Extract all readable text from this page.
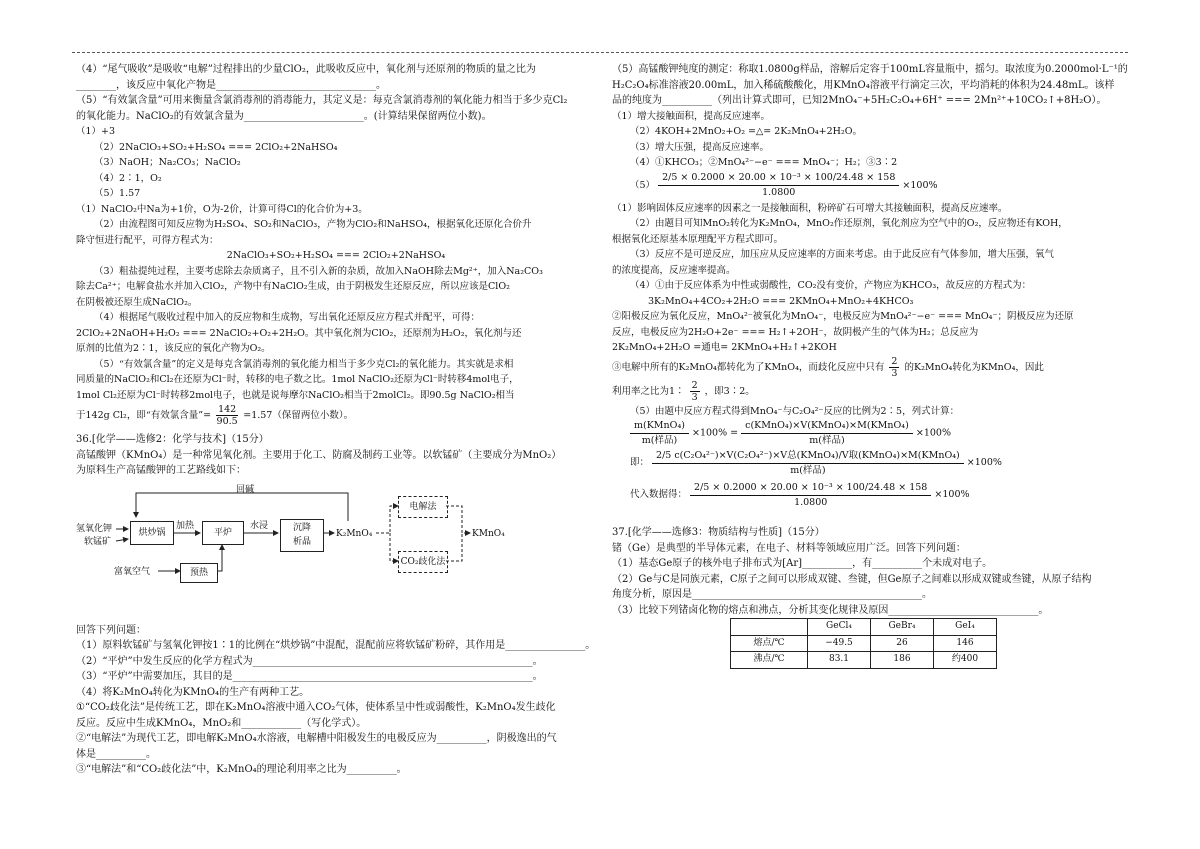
（4）“尾气吸收”是吸收“电解”过程排出的少量ClO₂，此吸收反应中，氧化剂与还原剂的物质的量之比为
________，该反应中氧化产物是________________________________。
（5）“有效氯含量”可用来衡量含氯消毒剂的消毒能力，其定义是：每克含氯消毒剂的氧化能力相当于多少克Cl₂
的氧化能力。NaClO₂的有效氯含量为________________________。(计算结果保留两位小数)。
（1）+3
（2）2NaClO₃+SO₂+H₂SO₄ === 2ClO₂+2NaHSO₄
（3）NaOH；Na₂CO₃；NaClO₂
（4）2∶1，O₂
（5）1.57
（1）NaClO₂中Na为+1价，O为-2价，计算可得Cl的化合价为+3。
（2）由流程图可知反应物为H₂SO₄、SO₂和NaClO₃，产物为ClO₂和NaHSO₄，根据氧化还原化合价升
降守恒进行配平，可得方程式为：
2NaClO₃+SO₂+H₂SO₄ === 2ClO₂+2NaHSO₄
（3）粗盐提纯过程，主要考虑除去杂质离子，且不引入新的杂质，故加入NaOH除去Mg²⁺，加入Na₂CO₃
除去Ca²⁺；电解食盐水并加入ClO₂，产物中有NaClO₂生成，由于阴极发生还原反应，所以应该是ClO₂
在阴极被还原生成NaClO₂。
（4）根据尾气吸收过程中加入的反应物和生成物，写出氧化还原反应方程式并配平，可得：
2ClO₂+2NaOH+H₂O₂ === 2NaClO₂+O₂+2H₂O。其中氧化剂为ClO₂，还原剂为H₂O₂，氧化剂与还
原剂的比值为2∶1，该反应的氧化产物为O₂。
（5）“有效氯含量”的定义是每克含氯消毒剂的氧化能力相当于多少克Cl₂的氧化能力。其实就是求相
同质量的NaClO₂和Cl₂在还原为Cl⁻时，转移的电子数之比。1mol NaClO₂还原为Cl⁻时转移4mol电子，
1mol Cl₂还原为Cl⁻时转移2mol电子，也就是说每摩尔NaClO₂相当于2molCl₂。即90.5g NaClO₂相当
于142g Cl₂，即“有效氯含量”= $\frac{142}{90.5} =1.57$（保留两位小数）。
36.[化学——选修2：化学与技术]（15分）
高锰酸钾（KMnO₄）是一种常见氧化剂。主要用于化工、防腐及制药工业等。以软锰矿（主要成分为MnO₂）
为原料生产高锰酸钾的工艺路线如下：
回碱
氢氧化钾
软锰矿
烘炒锅
加热
平炉
水浸	沉降
析晶
K₂MnO₄
电解法
CO₂歧化法
KMnO₄
富氧空气	预热
回答下列问题：
（1）原料软锰矿与氢氧化钾按1∶1的比例在“烘炒锅”中混配，混配前应将软锰矿粉碎，其作用是________________。
（2）“平炉”中发生反应的化学方程式为________________________________________________________。
（3）“平炉”中需要加压，其目的是____________________________________________________________。
（4）将K₂MnO₄转化为KMnO₄的生产有两种工艺。
①“CO₂歧化法”是传统工艺，即在K₂MnO₄溶液中通入CO₂气体，使体系呈中性或弱酸性，K₂MnO₄发生歧化
反应。反应中生成KMnO₄，MnO₂和____________（写化学式）。
②“电解法”为现代工艺，即电解K₂MnO₄水溶液，电解槽中阳极发生的电极反应为__________，阴极逸出的气
体是__________。
③“电解法”和“CO₂歧化法”中，K₂MnO₄的理论利用率之比为__________。
（5）高锰酸钾纯度的测定：称取1.0800g样品，溶解后定容于100mL容量瓶中，摇匀。取浓度为0.2000mol·L⁻¹的
H₂C₂O₄标准溶液20.00mL，加入稀硫酸酸化，用KMnO₄溶液平行滴定三次，平均消耗的体积为24.48mL。该样
品的纯度为__________（列出计算式即可，已知2MnO₄⁻+5H₂C₂O₄+6H⁺ === 2Mn²⁺+10CO₂↑+8H₂O）。
（1）增大接触面积，提高反应速率。
（2）4KOH+2MnO₂+O₂ =△= 2K₂MnO₄+2H₂O。
（3）增大压强，提高反应速率。
（4）①KHCO₃；②MnO₄²⁻−e⁻ === MnO₄⁻；H₂；③3∶2
$(5) \frac{\text{2/5 × 0.2000 × 20.00 × 10⁻³ × 100/24.48 × 158}}{1.0800} \times 100\%$
（1）影响固体反应速率的因素之一是接触面积，粉碎矿石可增大其接触面积，提高反应速率。
（2）由题目可知MnO₂转化为K₂MnO₄，MnO₂作还原剂，氧化剂应为空气中的O₂，反应物还有KOH，
根据氧化还原基本原理配平方程式即可。
（3）反应不是可逆反应，加压应从反应速率的方面来考虑。由于此反应有气体参加，增大压强，氧气
的浓度提高，反应速率提高。
（4）①由于反应体系为中性或弱酸性，CO₂没有变价，产物应为KHCO₃，故反应的方程式为：
3K₂MnO₄+4CO₂+2H₂O === 2KMnO₄+MnO₂+4KHCO₃
②阳极反应为氧化反应，MnO₄²⁻被氧化为MnO₄⁻，电极反应为MnO₄²⁻−e⁻ === MnO₄⁻；阴极反应为还原
反应，电极反应为2H₂O+2e⁻ === H₂↑+2OH⁻，故阴极产生的气体为H₂；总反应为
2K₂MnO₄+2H₂O =通电= 2KMnO₄+H₂↑+2KOH
③电解中所有的K₂MnO₄都转化为了KMnO₄，而歧化反应中只有 $\frac{2}{3}$ 的K₂MnO₄转化为KMnO₄，因此
利用率之比为1∶ $\frac{2}{3}$ ，即3∶2。
（5）由题中反应方程式得到MnO₄⁻与C₂O₄²⁻反应的比例为2∶5，列式计算：
m(KMnO₄)
m(样品)
×100% =
c(KMnO₄)×V(KMnO₄)×M(KMnO₄)
m(样品)
×100%
即：
2/5 c(C₂O₄²⁻)×V(C₂O₄²⁻)×V总(KMnO₄)/V取(KMnO₄)×M(KMnO₄)
m(样品)
×100%
代入数据得： $\frac{\text{2/5 × 0.2000 × 20.00 × 10⁻³ × 100/24.48 × 158}}{1.0800} \times 100\%$
37.[化学——选修3：物质结构与性质]（15分）
锗（Ge）是典型的半导体元素，在电子、材料等领域应用广泛。回答下列问题：
（1）基态Ge原子的核外电子排布式为[Ar]__________，有__________个未成对电子。
（2）Ge与C是同族元素，C原子之间可以形成双键、叁键，但Ge原子之间难以形成双键或叁键，从原子结构
角度分析，原因是______________________________________________。
（3）比较下列锗卤化物的熔点和沸点，分析其变化规律及原因______________________________。
	GeCl₄	GeBr₄	GeI₄
熔点/℃	−49.5	26	146
沸点/℃	83.1	186	约400
